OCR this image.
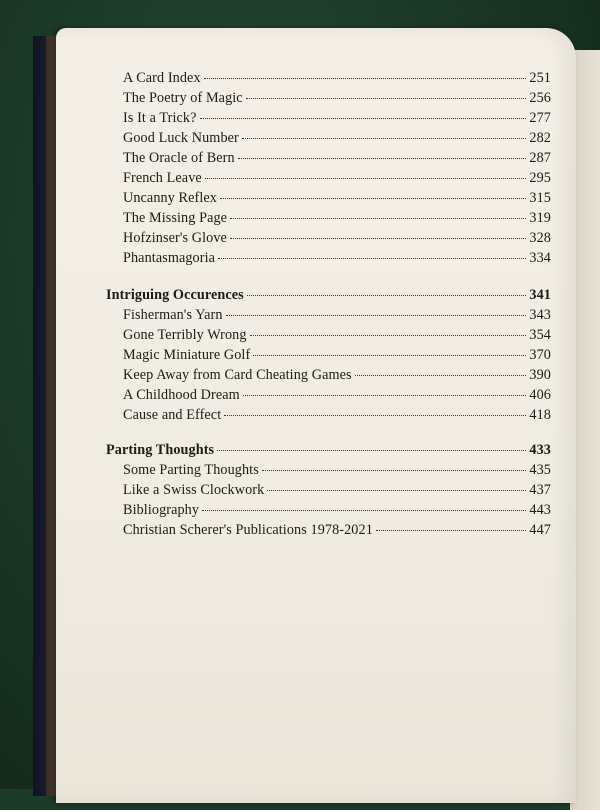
A Card Index	251
The Poetry of Magic	256
Is It a Trick?	277
Good Luck Number	282
The Oracle of Bern	287
French Leave	295
Uncanny Reflex	315
The Missing Page	319
Hofzinser's Glove	328
Phantasmagoria	334
Intriguing Occurences	341
Fisherman's Yarn	343
Gone Terribly Wrong	354
Magic Miniature Golf	370
Keep Away from Card Cheating Games	390
A Childhood Dream	406
Cause and Effect	418
Parting Thoughts	433
Some Parting Thoughts	435
Like a Swiss Clockwork	437
Bibliography	443
Christian Scherer's Publications 1978-2021	447
